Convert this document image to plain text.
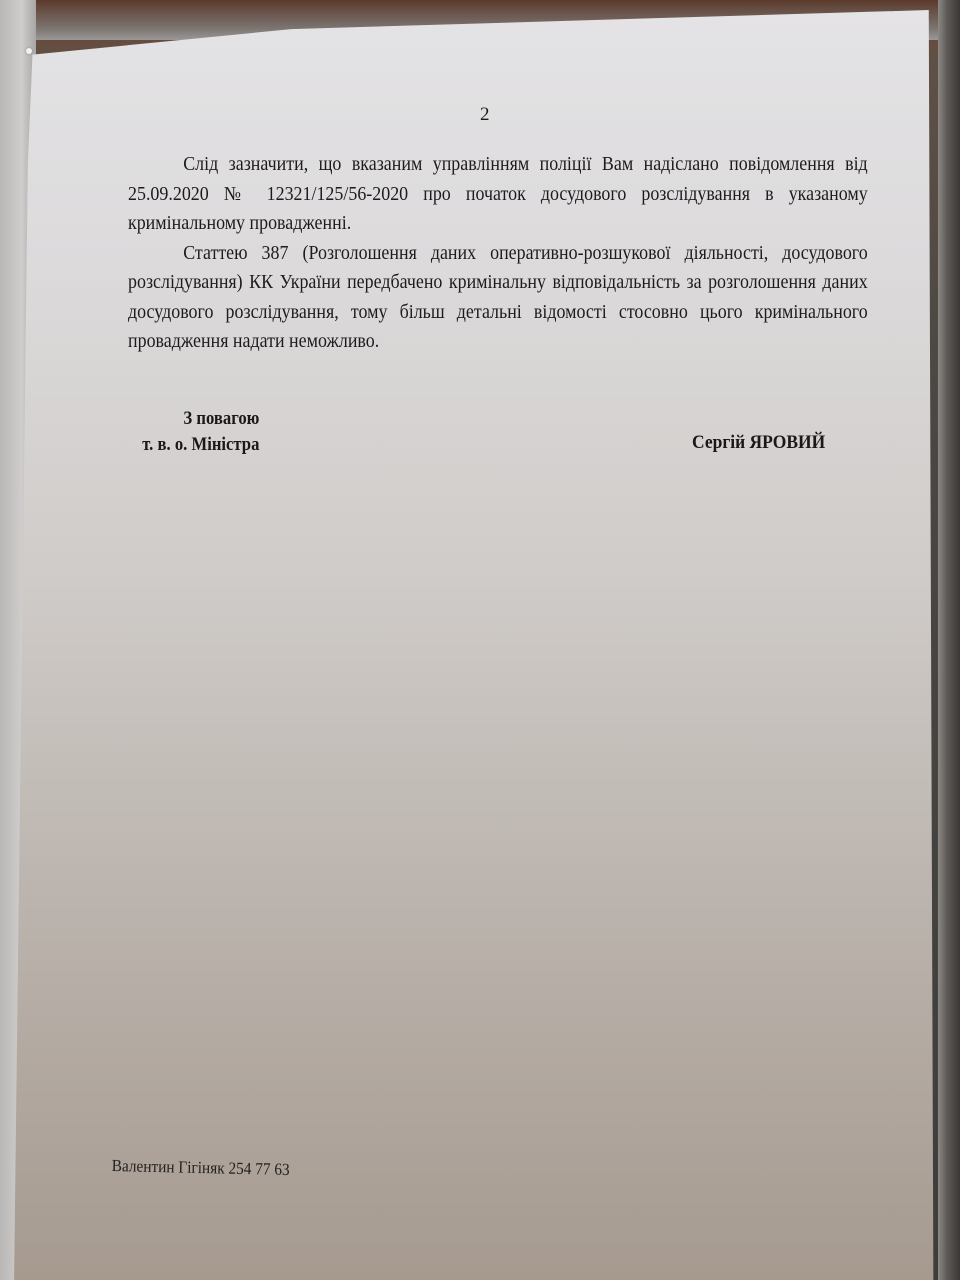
2

Слід зазначити, що вказаним управлінням поліції Вам надіслано повідомлення від 25.09.2020 № 12321/125/56-2020 про початок досудового розслідування в указаному кримінальному провадженні.

Статтею 387 (Розголошення даних оперативно-розшукової діяльності, досудового розслідування) КК України передбачено кримінальну відповідальність за розголошення даних досудового розслідування, тому більш детальні відомості стосовно цього кримінального провадження надати неможливо.

З повагою
т. в. о. Міністра	Сергій ЯРОВИЙ
Валентин Гігіняк 254 77 63
